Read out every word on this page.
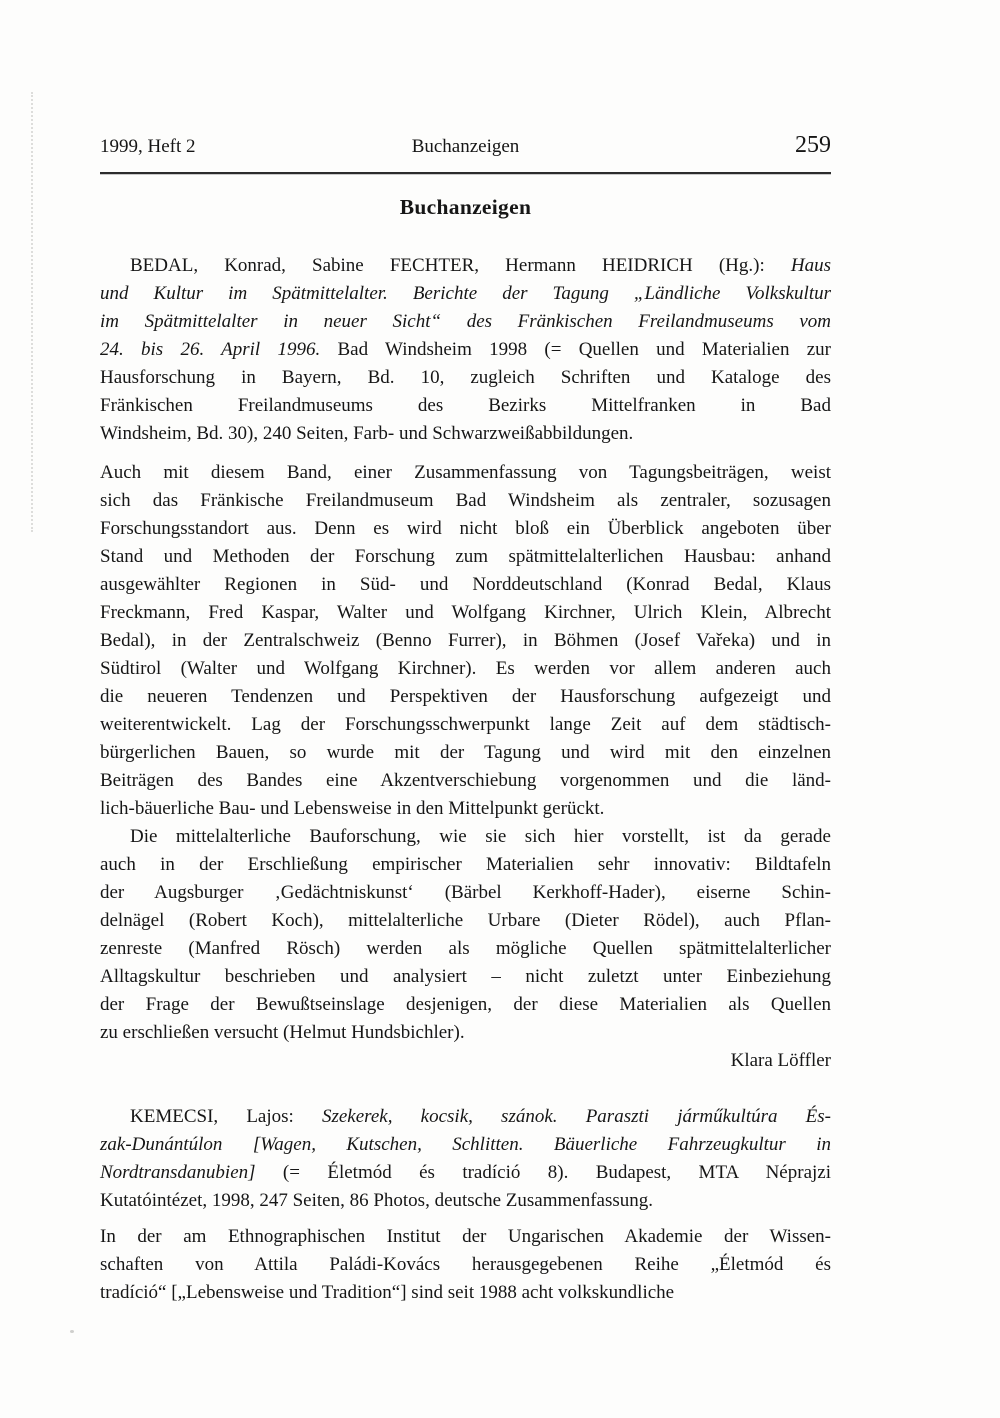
1999, Heft 2	Buchanzeigen	259
Buchanzeigen
BEDAL, Konrad, Sabine FECHTER, Hermann HEIDRICH (Hg.): Haus
und Kultur im Spätmittelalter. Berichte der Tagung „Ländliche Volkskultur
im Spätmittelalter in neuer Sicht“ des Fränkischen Freilandmuseums vom
24. bis 26. April 1996. Bad Windsheim 1998 (= Quellen und Materialien zur
Hausforschung in Bayern, Bd. 10, zugleich Schriften und Kataloge des
Fränkischen Freilandmuseums des Bezirks Mittelfranken in Bad
Windsheim, Bd. 30), 240 Seiten, Farb- und Schwarzweißabbildungen.
Auch mit diesem Band, einer Zusammenfassung von Tagungsbeiträgen, weist
sich das Fränkische Freilandmuseum Bad Windsheim als zentraler, sozusagen
Forschungsstandort aus. Denn es wird nicht bloß ein Überblick angeboten über
Stand und Methoden der Forschung zum spätmittelalterlichen Hausbau: anhand
ausgewählter Regionen in Süd- und Norddeutschland (Konrad Bedal, Klaus
Freckmann, Fred Kaspar, Walter und Wolfgang Kirchner, Ulrich Klein, Albrecht
Bedal), in der Zentralschweiz (Benno Furrer), in Böhmen (Josef Vařeka) und in
Südtirol (Walter und Wolfgang Kirchner). Es werden vor allem anderen auch
die neueren Tendenzen und Perspektiven der Hausforschung aufgezeigt und
weiterentwickelt. Lag der Forschungsschwerpunkt lange Zeit auf dem städtisch-
bürgerlichen Bauen, so wurde mit der Tagung und wird mit den einzelnen
Beiträgen des Bandes eine Akzentverschiebung vorgenommen und die länd-
lich-bäuerliche Bau- und Lebensweise in den Mittelpunkt gerückt.
Die mittelalterliche Bauforschung, wie sie sich hier vorstellt, ist da gerade
auch in der Erschließung empirischer Materialien sehr innovativ: Bildtafeln
der Augsburger ‚Gedächtniskunst‘ (Bärbel Kerkhoff-Hader), eiserne Schin-
delnägel (Robert Koch), mittelalterliche Urbare (Dieter Rödel), auch Pflan-
zenreste (Manfred Rösch) werden als mögliche Quellen spätmittelalterlicher
Alltagskultur beschrieben und analysiert – nicht zuletzt unter Einbeziehung
der Frage der Bewußtseinslage desjenigen, der diese Materialien als Quellen
zu erschließen versucht (Helmut Hundsbichler).
Klara Löffler
KEMECSI, Lajos: Szekerek, kocsik, szánok. Paraszti járműkultúra És-
zak-Dunántúlon [Wagen, Kutschen, Schlitten. Bäuerliche Fahrzeugkultur in
Nordtransdanubien] (= Életmód és tradíció 8). Budapest, MTA Néprajzi
Kutatóintézet, 1998, 247 Seiten, 86 Photos, deutsche Zusammenfassung.
In der am Ethnographischen Institut der Ungarischen Akademie der Wissen-
schaften von Attila Paládi-Kovács herausgegebenen Reihe „Életmód és
tradíció“ [„Lebensweise und Tradition“] sind seit 1988 acht volkskundliche
